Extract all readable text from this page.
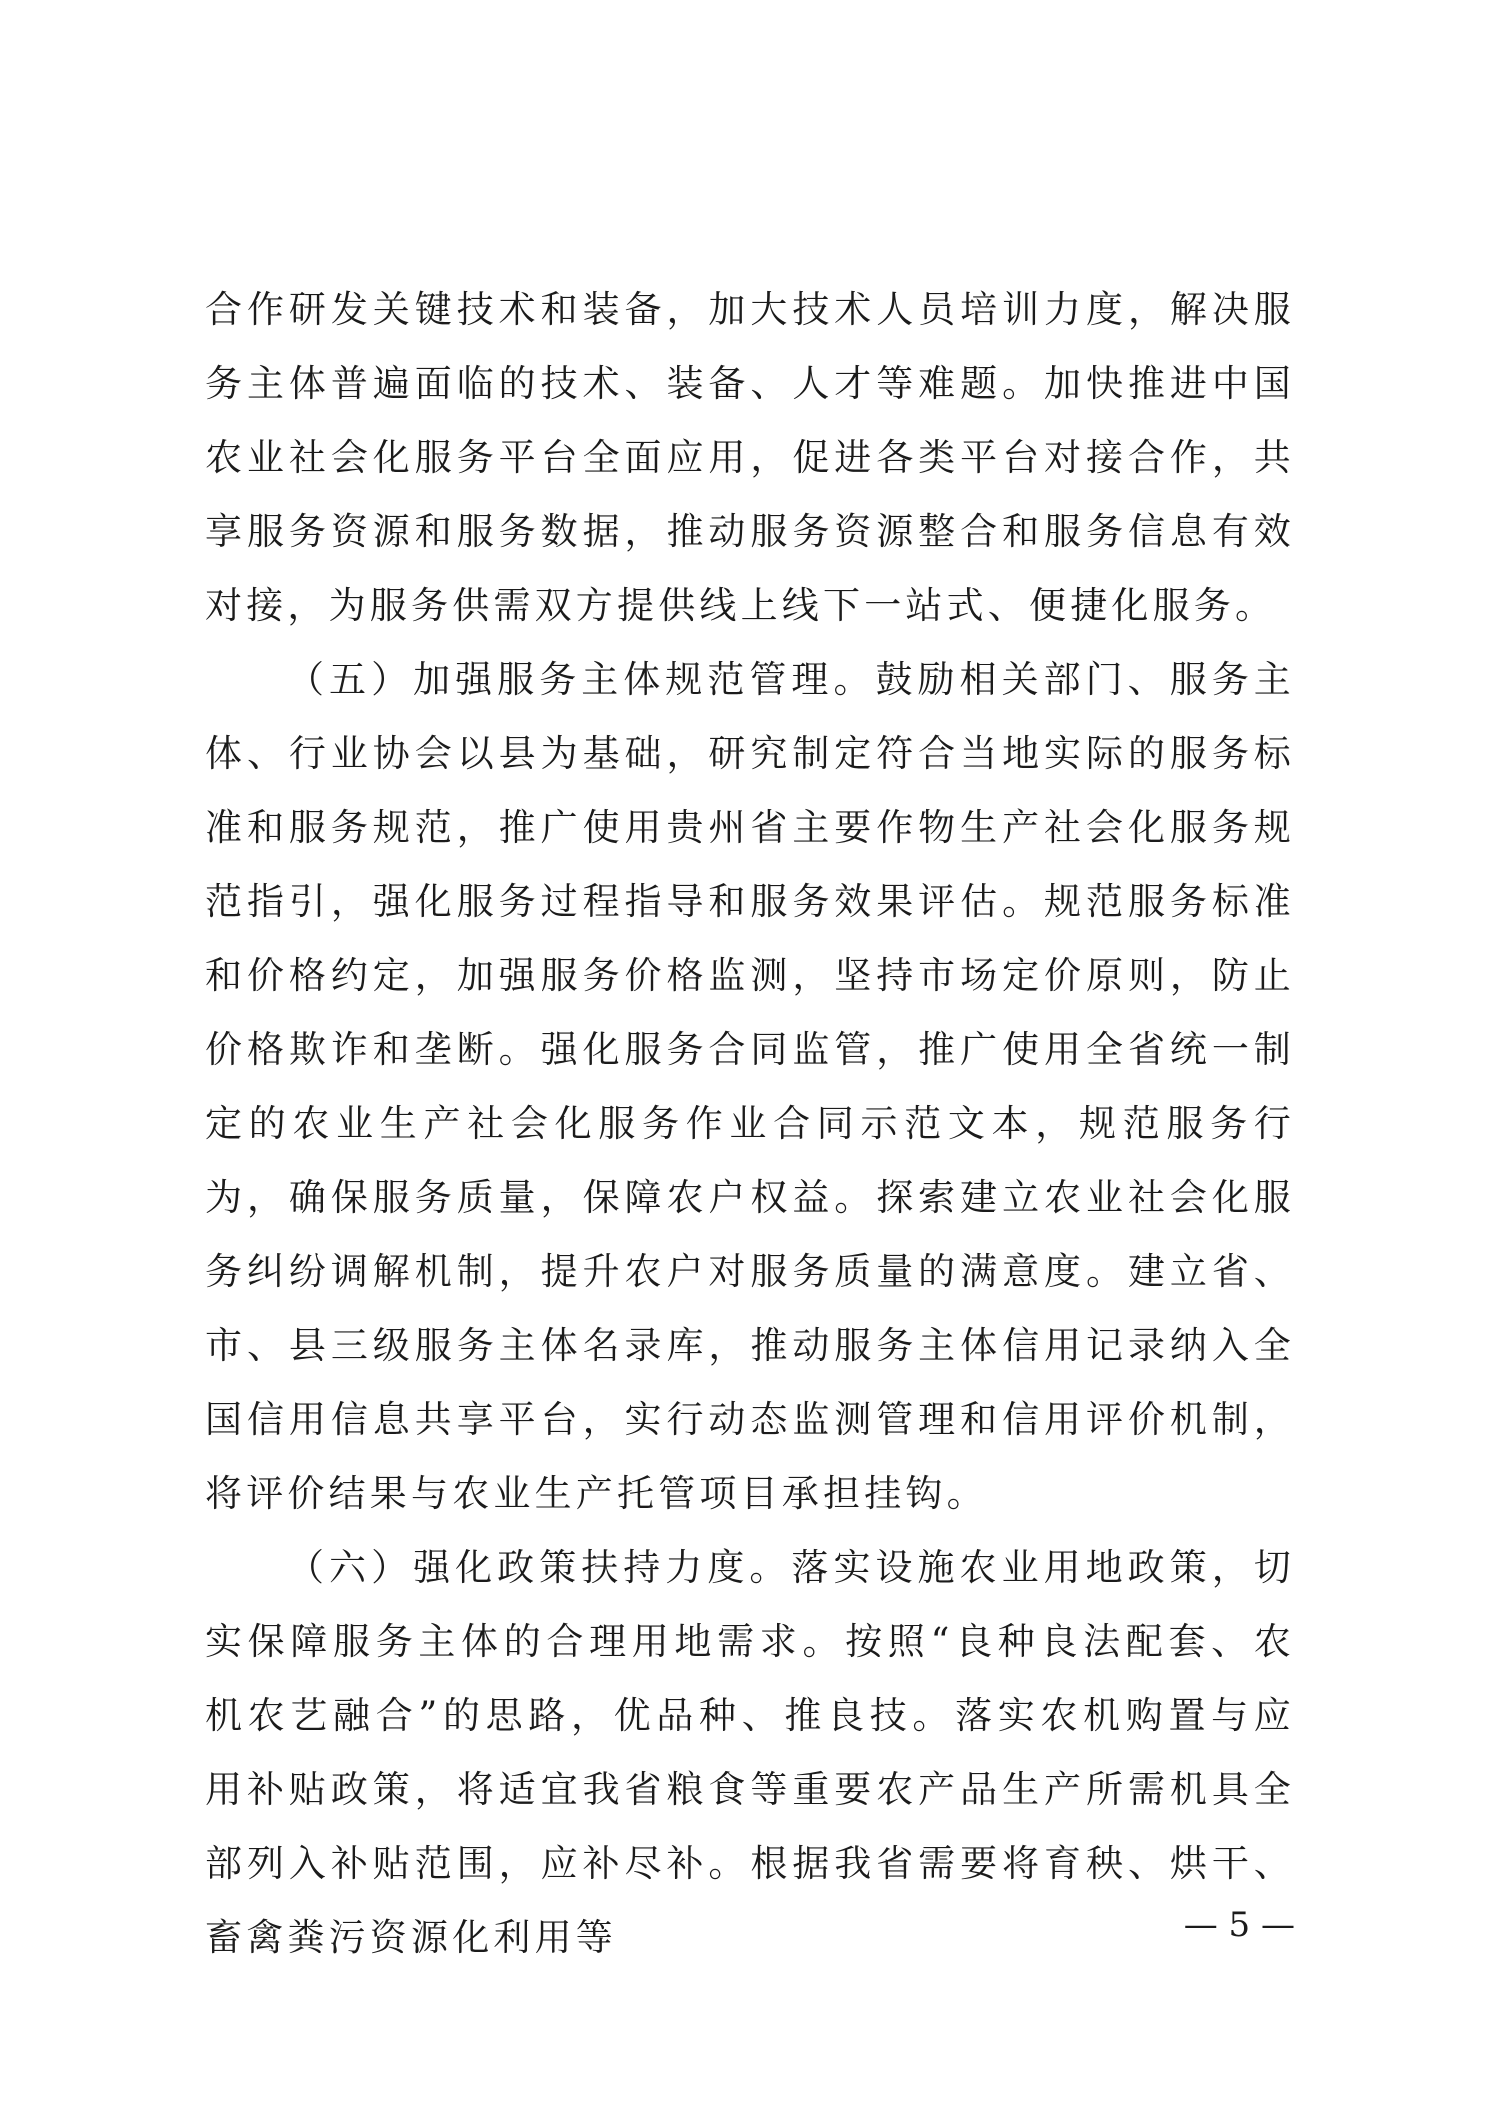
合作研发关键技术和装备，加大技术人员培训力度，解决服务主体普遍面临的技术、装备、人才等难题。加快推进中国农业社会化服务平台全面应用，促进各类平台对接合作，共享服务资源和服务数据，推动服务资源整合和服务信息有效对接，为服务供需双方提供线上线下一站式、便捷化服务。

（五）加强服务主体规范管理。鼓励相关部门、服务主体、行业协会以县为基础，研究制定符合当地实际的服务标准和服务规范，推广使用贵州省主要作物生产社会化服务规范指引，强化服务过程指导和服务效果评估。规范服务标准和价格约定，加强服务价格监测，坚持市场定价原则，防止价格欺诈和垄断。强化服务合同监管，推广使用全省统一制定的农业生产社会化服务作业合同示范文本，规范服务行为，确保服务质量，保障农户权益。探索建立农业社会化服务纠纷调解机制，提升农户对服务质量的满意度。建立省、市、县三级服务主体名录库，推动服务主体信用记录纳入全国信用信息共享平台，实行动态监测管理和信用评价机制，将评价结果与农业生产托管项目承担挂钩。

（六）强化政策扶持力度。落实设施农业用地政策，切实保障服务主体的合理用地需求。按照“良种良法配套、农机农艺融合”的思路，优品种、推良技。落实农机购置与应用补贴政策，将适宜我省粮食等重要农产品生产所需机具全部列入补贴范围，应补尽补。根据我省需要将育秧、烘干、畜禽粪污资源化利用等	— 5 —
